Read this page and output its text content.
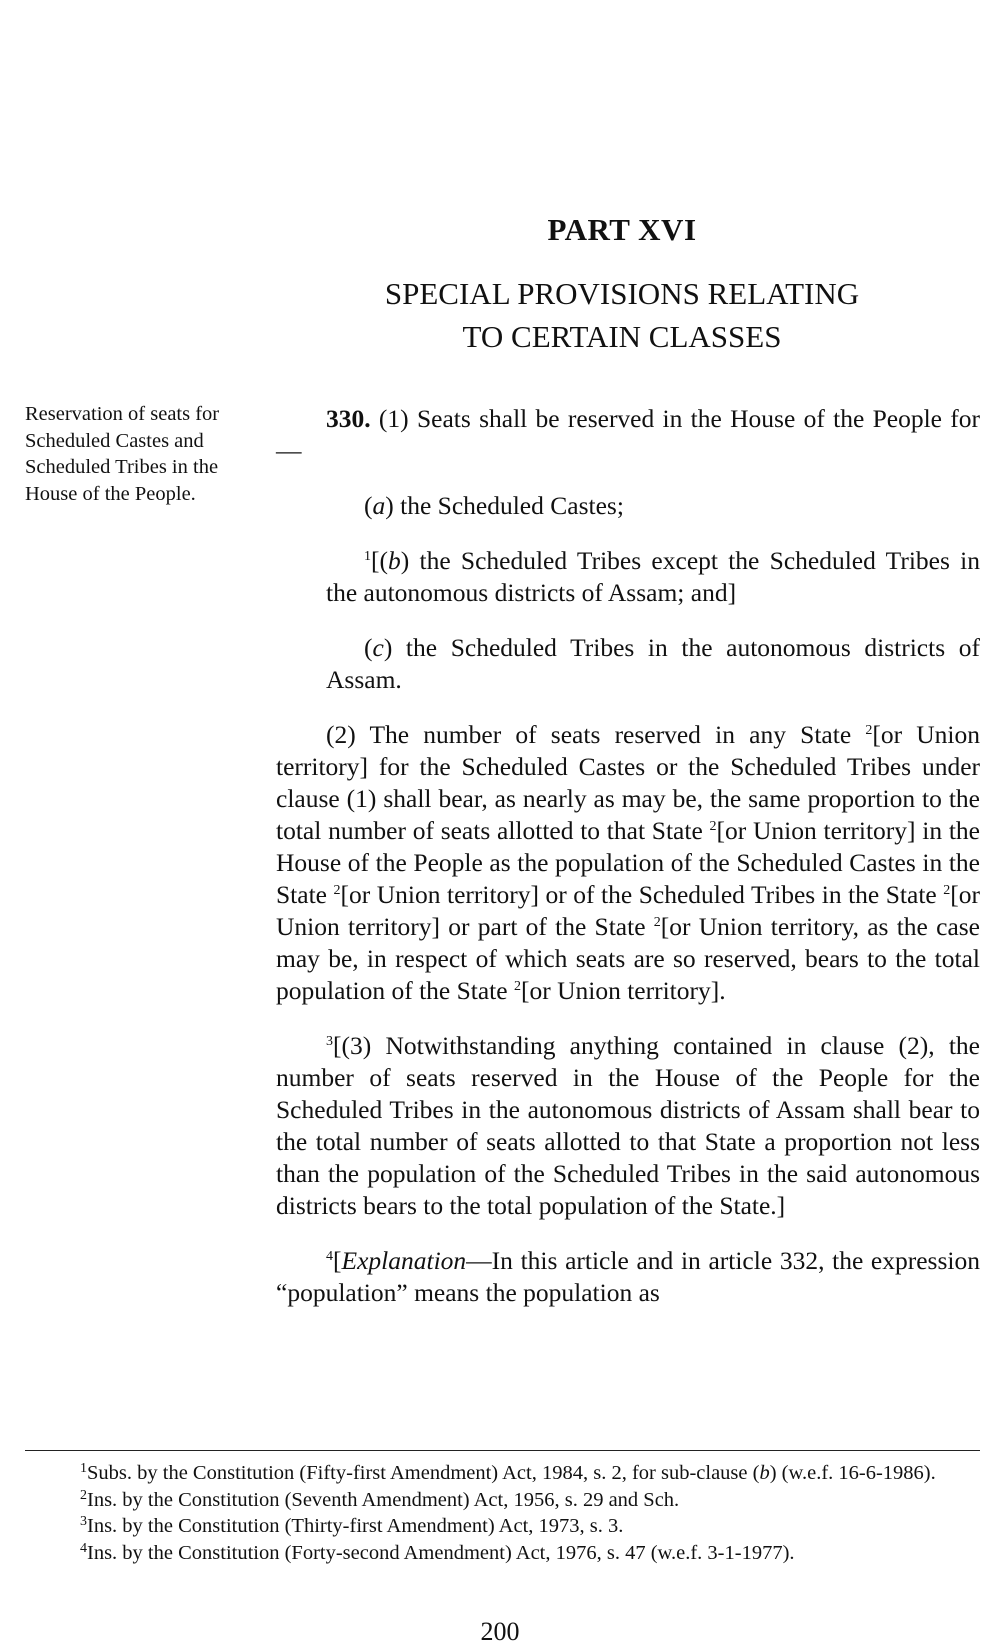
PART XVI
SPECIAL PROVISIONS RELATING
TO CERTAIN CLASSES
Reservation of seats for Scheduled Castes and Scheduled Tribes in the House of the People.

330. (1) Seats shall be reserved in the House of the People for —

(a) the Scheduled Castes;

$^1$[(b) the Scheduled Tribes except the Scheduled Tribes in the autonomous districts of Assam; and]

(c) the Scheduled Tribes in the autonomous districts of Assam.

(2) The number of seats reserved in any State $^2$[or Union territory] for the Scheduled Castes or the Scheduled Tribes under clause (1) shall bear, as nearly as may be, the same proportion to the total number of seats allotted to that State $^2$[or Union territory] in the House of the People as the population of the Scheduled Castes in the State $^2$[or Union territory] or of the Scheduled Tribes in the State $^2$[or Union territory] or part of the State $^2$[or Union territory, as the case may be, in respect of which seats are so reserved, bears to the total population of the State $^2$[or Union territory].

$^3$[(3) Notwithstanding anything contained in clause (2), the number of seats reserved in the House of the People for the Scheduled Tribes in the autonomous districts of Assam shall bear to the total number of seats allotted to that State a proportion not less than the population of the Scheduled Tribes in the said autonomous districts bears to the total population of the State.]

$^4$[Explanation—In this article and in article 332, the expression “population” means the population as

$^1$Subs. by the Constitution (Fifty-first Amendment) Act, 1984, s. 2, for sub-clause (b) (w.e.f. 16-6-1986).

$^2$Ins. by the Constitution (Seventh Amendment) Act, 1956, s. 29 and Sch.

$^3$Ins. by the Constitution (Thirty-first Amendment) Act, 1973, s. 3.

$^4$Ins. by the Constitution (Forty-second Amendment) Act, 1976, s. 47 (w.e.f. 3-1-1977).

200
